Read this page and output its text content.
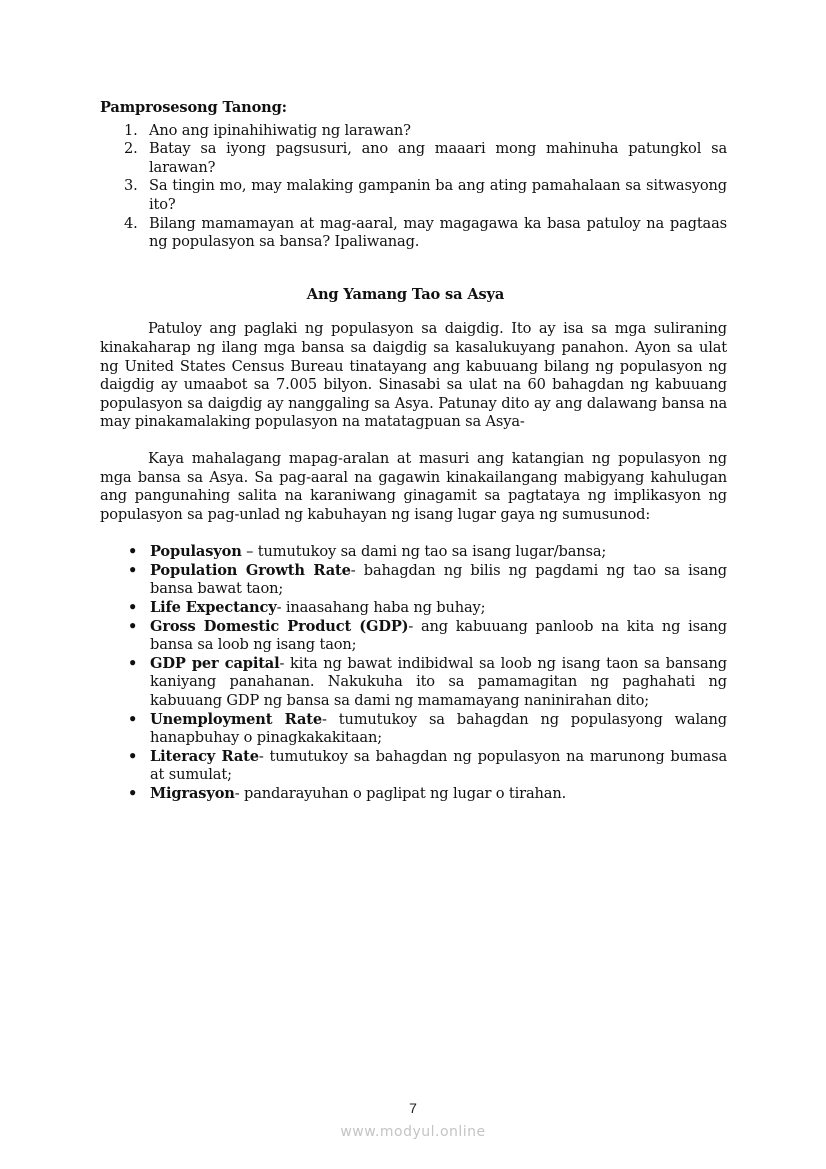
Pamprosesong Tanong:
1. Ano ang ipinahihiwatig ng larawan?
2. Batay sa iyong pagsusuri, ano ang maaari mong mahinuha patungkol sa larawan?
3. Sa tingin mo, may malaking gampanin ba ang ating pamahalaan sa sitwasyong ito?
4. Bilang mamamayan at mag-aaral, may magagawa ka basa patuloy na pagtaas ng populasyon sa bansa? Ipaliwanag.
Ang Yamang Tao sa Asya

Patuloy ang paglaki ng populasyon sa daigdig. Ito ay isa sa mga suliraning kinakaharap ng ilang mga bansa sa daigdig sa kasalukuyang panahon. Ayon sa ulat ng United States Census Bureau tinatayang ang kabuuang bilang ng populasyon ng daigdig ay umaabot sa 7.005 bilyon. Sinasabi sa ulat na 60 bahagdan ng kabuuang populasyon sa daigdig ay nanggaling sa Asya. Patunay dito ay ang dalawang bansa na may pinakamalaking populasyon na matatagpuan sa Asya-

Kaya mahalagang mapag-aralan at masuri ang katangian ng populasyon ng mga bansa sa Asya. Sa pag-aaral na gagawin kinakailangang mabigyang kahulugan ang pangunahing salita na karaniwang ginagamit sa pagtataya ng implikasyon ng populasyon sa pag-unlad ng kabuhayan ng isang lugar gaya ng sumusunod:

• Populasyon – tumutukoy sa dami ng tao sa isang lugar/bansa;
• Population Growth Rate- bahagdan ng bilis ng pagdami ng tao sa isang bansa bawat taon;
• Life Expectancy- inaasahang haba ng buhay;
• Gross Domestic Product (GDP)- ang kabuuang panloob na kita ng isang bansa sa loob ng isang taon;
• GDP per capital- kita ng bawat indibidwal sa loob ng isang taon sa bansang kaniyang panahanan. Nakukuha ito sa pamamagitan ng paghahati ng kabuuang GDP ng bansa sa dami ng mamamayang naninirahan dito;
• Unemployment Rate- tumutukoy sa bahagdan ng populasyong walang hanapbuhay o pinagkakakitaan;
• Literacy Rate- tumutukoy sa bahagdan ng populasyon na marunong bumasa at sumulat;
• Migrasyon- pandarayuhan o paglipat ng lugar o tirahan.
7
www.modyul.online
